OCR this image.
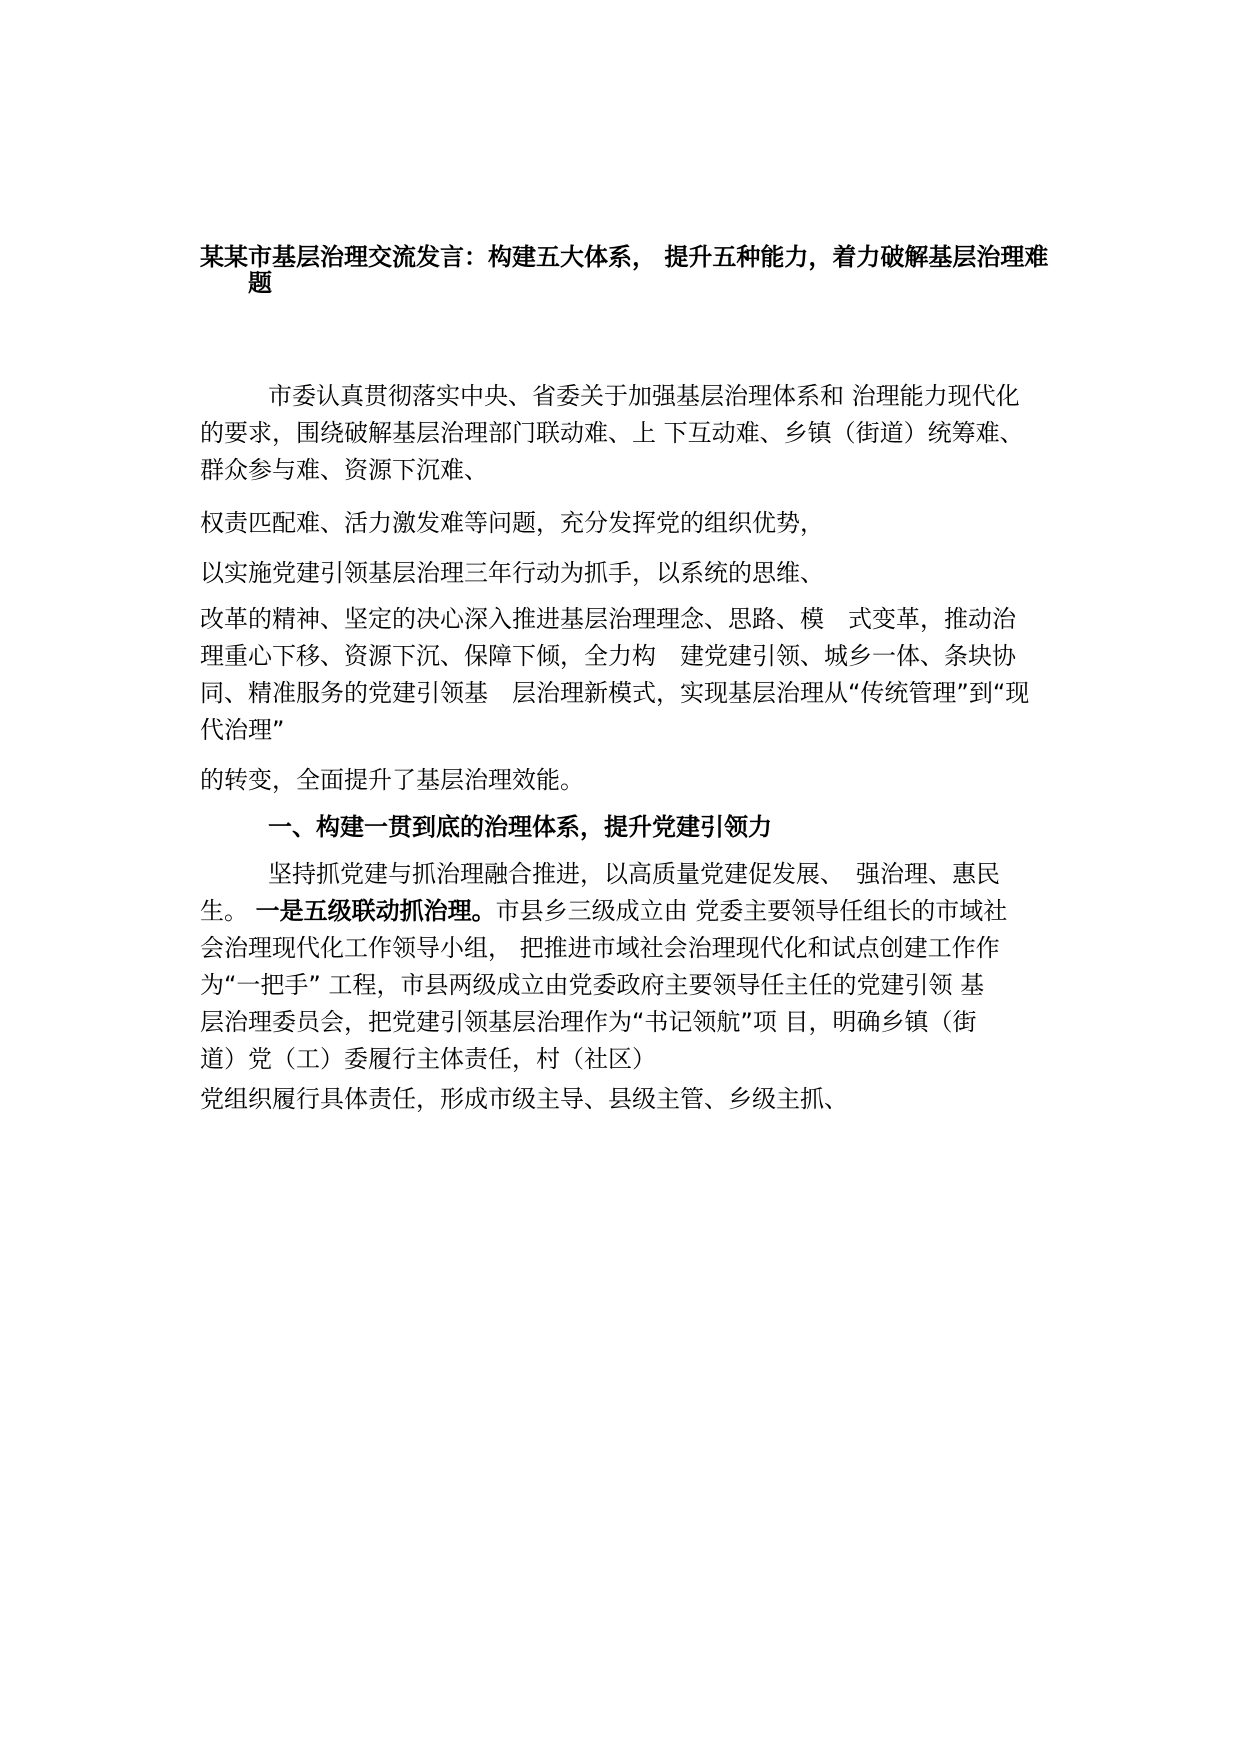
某某市基层治理交流发言：构建五大体系， 提升五种能力，着力破解基层治理难
题
市委认真贯彻落实中央、省委关于加强基层治理体系和 治理能力现代化
的要求，围绕破解基层治理部门联动难、上 下互动难、乡镇（街道）统筹难、
群众参与难、资源下沉难、
权责匹配难、活力激发难等问题，充分发挥党的组织优势，
以实施党建引领基层治理三年行动为抓手，以系统的思维、
改革的精神、坚定的决心深入推进基层治理理念、思路、模　式变革，推动治
理重心下移、资源下沉、保障下倾，全力构　建党建引领、城乡一体、条块协
同、精准服务的党建引领基　层治理新模式，实现基层治理从“传统管理”到“现
代治理”
的转变，全面提升了基层治理效能。
一、构建一贯到底的治理体系，提升党建引领力
坚持抓党建与抓治理融合推进，以高质量党建促发展、　强治理、惠民
生。 一是五级联动抓治理。市县乡三级成立由 党委主要领导任组长的市域社
会治理现代化工作领导小组， 把推进市域社会治理现代化和试点创建工作作
为“一把手” 工程，市县两级成立由党委政府主要领导任主任的党建引领 基
层治理委员会，把党建引领基层治理作为“书记领航”项 目，明确乡镇（街
道）党（工）委履行主体责任，村（社区）
党组织履行具体责任，形成市级主导、县级主管、乡级主抓、
